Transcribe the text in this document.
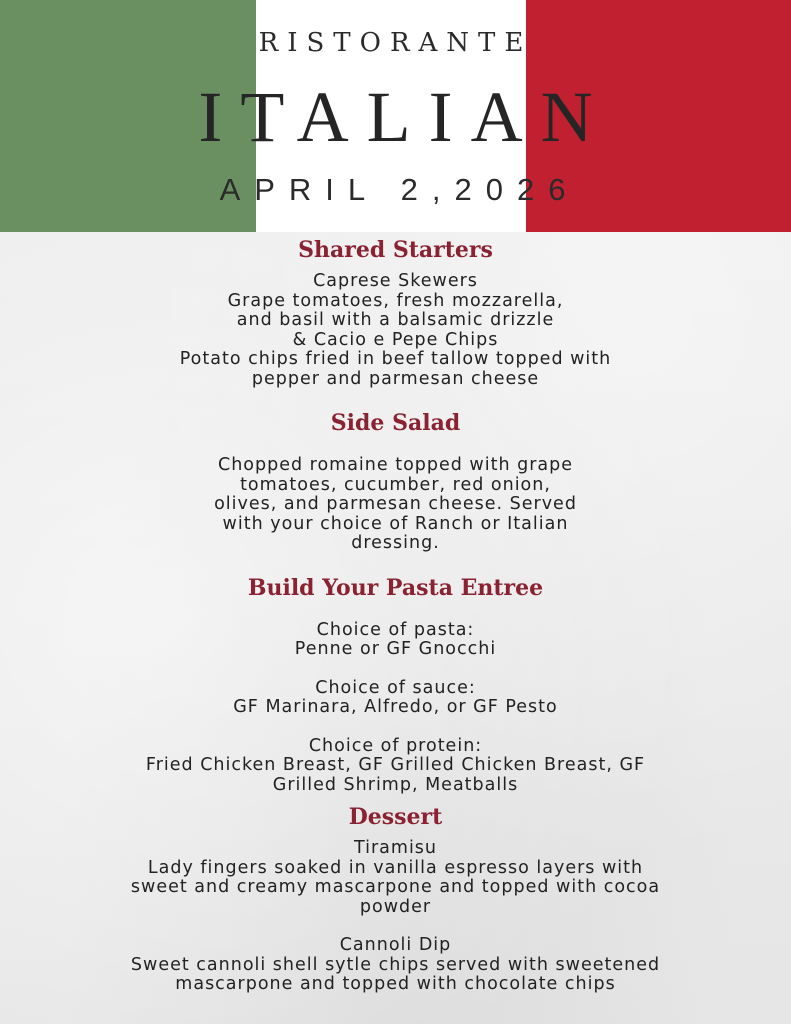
RISTORANTE
ITALIAN
APRIL 2,2026
Shared Starters

Caprese Skewers

Grape tomatoes, fresh mozzarella,

and basil with a balsamic drizzle

& Cacio e Pepe Chips

Potato chips fried in beef tallow topped with

pepper and parmesan cheese

Side Salad

Chopped romaine topped with grape

tomatoes, cucumber, red onion,

olives, and parmesan cheese. Served

with your choice of Ranch or Italian

dressing.

Build Your Pasta Entree

Choice of pasta:

Penne or GF Gnocchi

Choice of sauce:

GF Marinara, Alfredo, or GF Pesto

Choice of protein:

Fried Chicken Breast, GF Grilled Chicken Breast, GF

Grilled Shrimp, Meatballs

Dessert

Tiramisu

Lady fingers soaked in vanilla espresso layers with

sweet and creamy mascarpone and topped with cocoa

powder

Cannoli Dip

Sweet cannoli shell sytle chips served with sweetened

mascarpone and topped with chocolate chips
